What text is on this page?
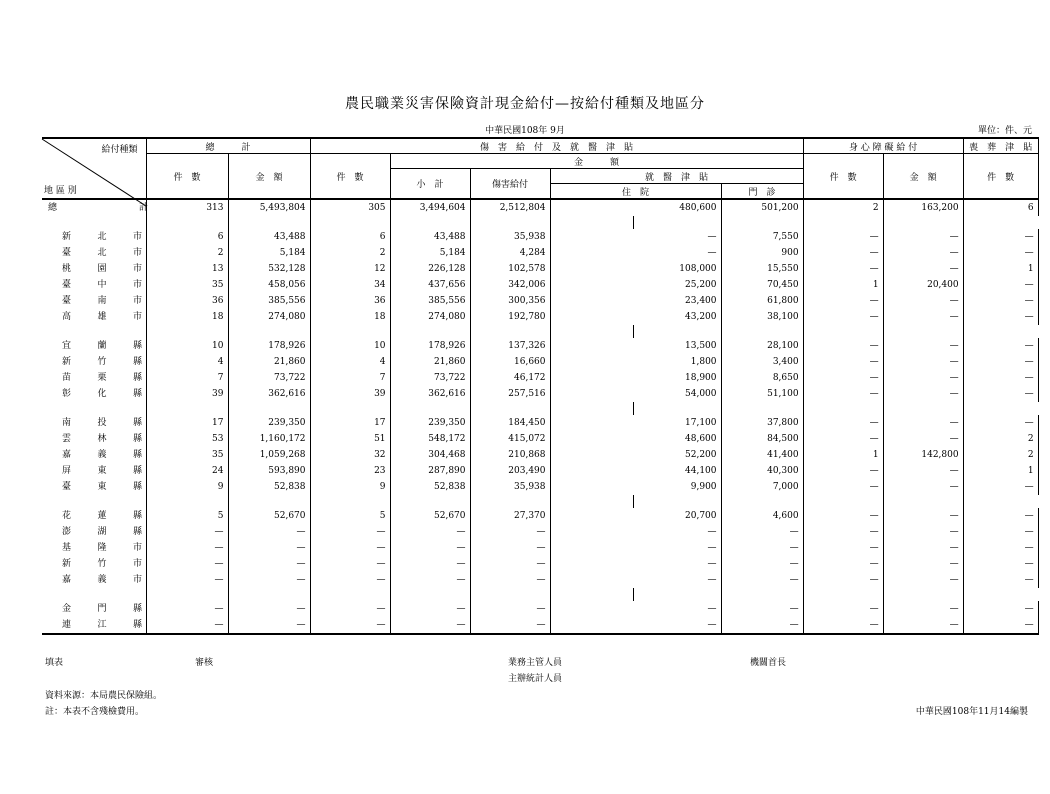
農民職業災害保險資計現金給付—按給付種類及地區分
中華民國108年 9月	單位：件、元
給付種類
地 區 別	總　　　計		傷　害　給　付　及　就　醫　津　貼						身 心 障 礙 給 付		喪　葬　津　貼	
	件　數	金　額	件　數	金　　　額					件　數	金　額	件　數	
				小　計	傷害給付	就　醫　津　貼						
						住　院		門　診				

總 計	313	5,493,804	305	3,494,604	2,512,804	480,600		501,200	2	163,200	6	

新 北 市	6	43,488	6	43,488	35,938	—		7,550	—	—	—	

臺 北 市	2	5,184	2	5,184	4,284	—		900	—	—	—	

桃 園 市	13	532,128	12	226,128	102,578	108,000		15,550	—	—	1	

臺 中 市	35	458,056	34	437,656	342,006	25,200		70,450	1	20,400	—	

臺 南 市	36	385,556	36	385,556	300,356	23,400		61,800	—	—	—	

高 雄 市	18	274,080	18	274,080	192,780	43,200		38,100	—	—	—	

宜 蘭 縣	10	178,926	10	178,926	137,326	13,500		28,100	—	—	—	

新 竹 縣	4	21,860	4	21,860	16,660	1,800		3,400	—	—	—	

苗 栗 縣	7	73,722	7	73,722	46,172	18,900		8,650	—	—	—	

彰 化 縣	39	362,616	39	362,616	257,516	54,000		51,100	—	—	—	

南 投 縣	17	239,350	17	239,350	184,450	17,100		37,800	—	—	—	

雲 林 縣	53	1,160,172	51	548,172	415,072	48,600		84,500	—	—	2	

嘉 義 縣	35	1,059,268	32	304,468	210,868	52,200		41,400	1	142,800	2	

屏 東 縣	24	593,890	23	287,890	203,490	44,100		40,300	—	—	1	

臺 東 縣	9	52,838	9	52,838	35,938	9,900		7,000	—	—	—	

花 蓮 縣	5	52,670	5	52,670	27,370	20,700		4,600	—	—	—	

澎 湖 縣	—	—	—	—	—	—		—	—	—	—	

基 隆 市	—	—	—	—	—	—		—	—	—	—	

新 竹 市	—	—	—	—	—	—		—	—	—	—	

嘉 義 市	—	—	—	—	—	—		—	—	—	—	

金 門 縣	—	—	—	—	—	—		—	—	—	—	

連 江 縣	—	—	—	—	—	—		—	—	—	—	
填表	審核	業務主管人員
主辦統計人員
機關首長
資料來源：本局農民保險組。
註：本表不含殘檢費用。	中華民國108年11月14編製
